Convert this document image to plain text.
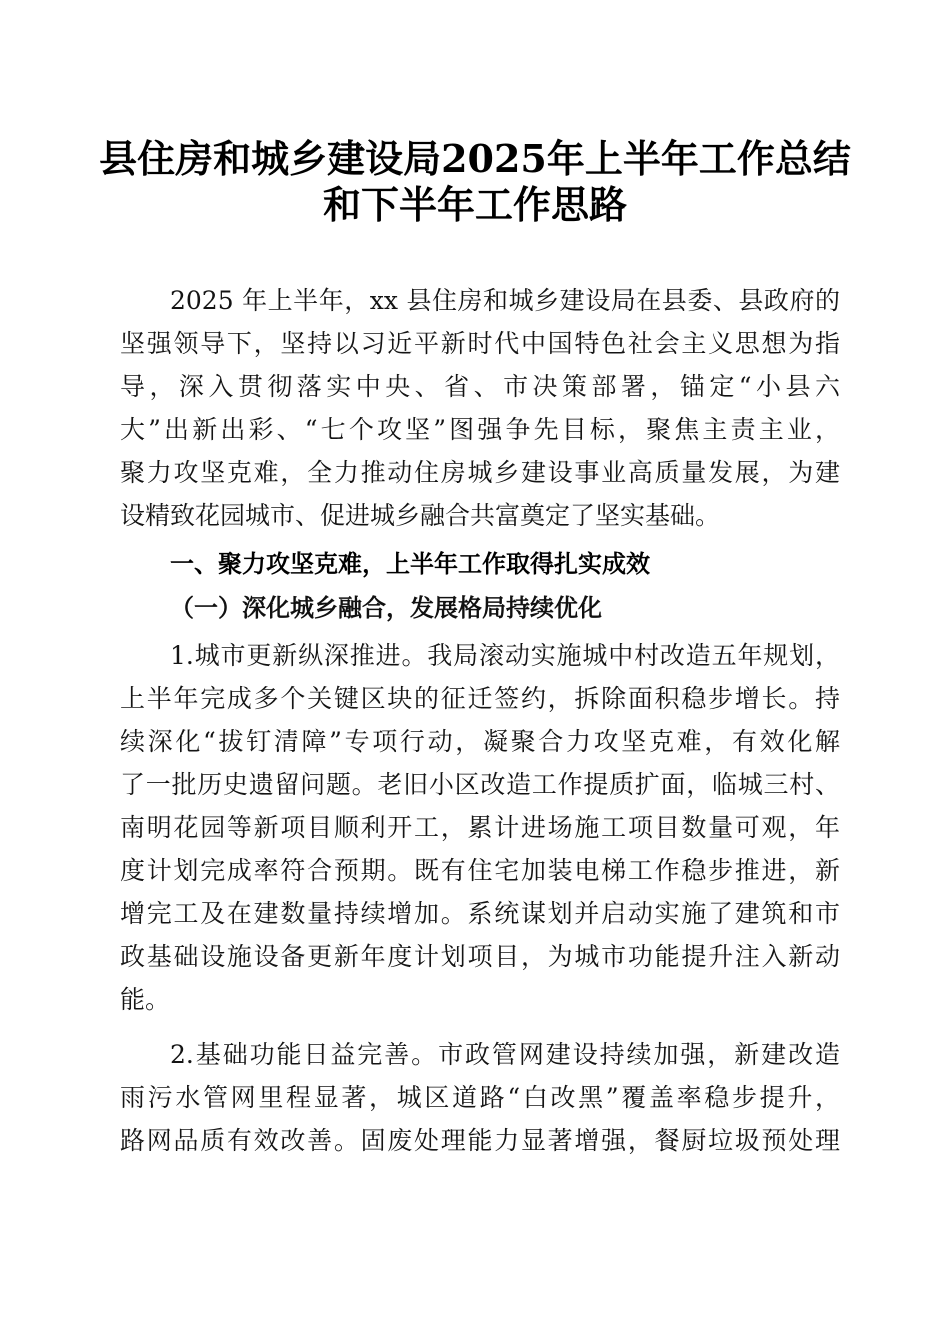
县住房和城乡建设局2025年上半年工作总结
和下半年工作思路
2025 年上半年，xx 县住房和城乡建设局在县委、县政府的
坚强领导下，坚持以习近平新时代中国特色社会主义思想为指
导，深入贯彻落实中央、省、市决策部署，锚定“小县六
大”出新出彩、“七个攻坚”图强争先目标，聚焦主责主业，
聚力攻坚克难，全力推动住房城乡建设事业高质量发展，为建
设精致花园城市、促进城乡融合共富奠定了坚实基础。
一、聚力攻坚克难，上半年工作取得扎实成效
（一）深化城乡融合，发展格局持续优化
1.城市更新纵深推进。我局滚动实施城中村改造五年规划，
上半年完成多个关键区块的征迁签约，拆除面积稳步增长。持
续深化“拔钉清障”专项行动，凝聚合力攻坚克难，有效化解
了一批历史遗留问题。老旧小区改造工作提质扩面，临城三村、
南明花园等新项目顺利开工，累计进场施工项目数量可观，年
度计划完成率符合预期。既有住宅加装电梯工作稳步推进，新
增完工及在建数量持续增加。系统谋划并启动实施了建筑和市
政基础设施设备更新年度计划项目，为城市功能提升注入新动
能。
2.基础功能日益完善。市政管网建设持续加强，新建改造
雨污水管网里程显著，城区道路“白改黑”覆盖率稳步提升，
路网品质有效改善。固废处理能力显著增强，餐厨垃圾预处理
